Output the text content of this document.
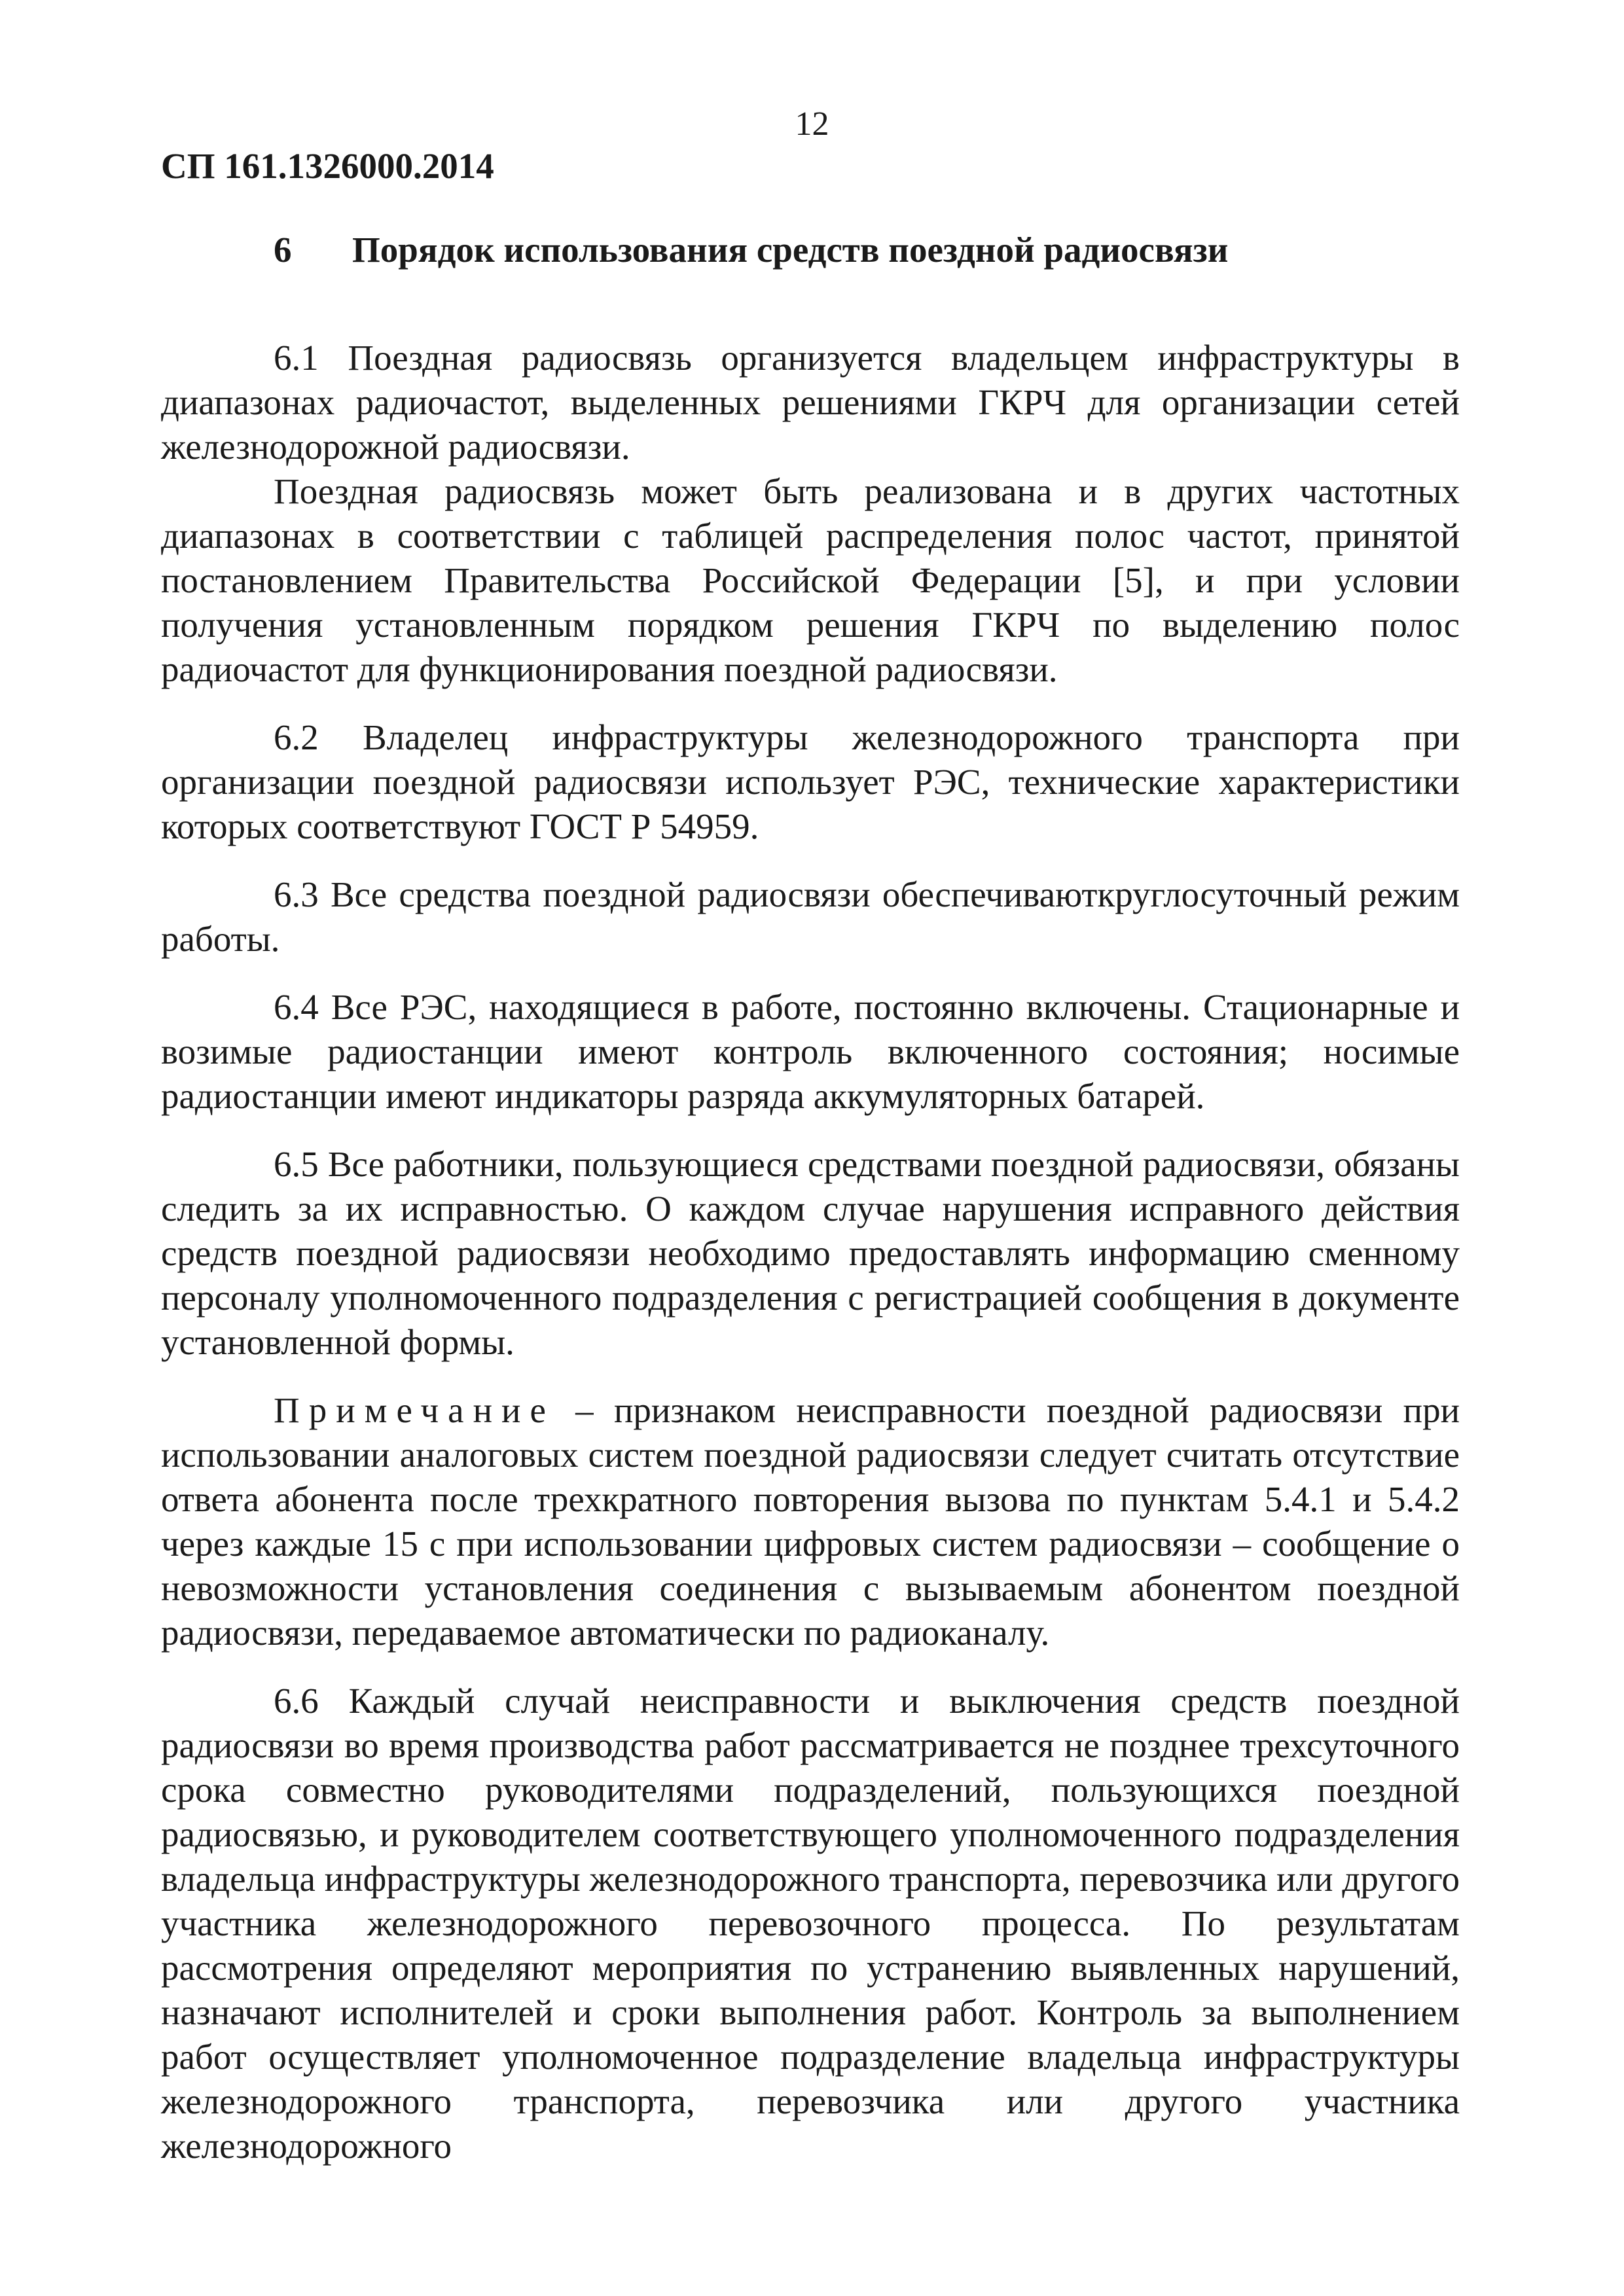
12
СП 161.1326000.2014
6 Порядок использования средств поездной радиосвязи

6.1 Поездная радиосвязь организуется владельцем инфраструктуры в диапазонах радиочастот, выделенных решениями ГКРЧ для организации сетей железнодорожной радиосвязи.

Поездная радиосвязь может быть реализована и в других частотных диапазонах в соответствии с таблицей распределения полос частот, принятой постановлением Правительства Российской Федерации [5], и при условии получения установленным порядком решения ГКРЧ по выделению полос радиочастот для функционирования поездной радиосвязи.

6.2 Владелец инфраструктуры железнодорожного транспорта при организации поездной радиосвязи использует РЭС, технические характеристики которых соответствуют ГОСТ Р 54959.

6.3 Все средства поездной радиосвязи обеспечиваюткруглосуточный режим работы.

6.4 Все РЭС, находящиеся в работе, постоянно включены. Стационарные и возимые радиостанции имеют контроль включенного состояния; носимые радиостанции имеют индикаторы разряда аккумуляторных батарей.

6.5 Все работники, пользующиеся средствами поездной радиосвязи, обязаны следить за их исправностью. О каждом случае нарушения исправного действия средств поездной радиосвязи необходимо предоставлять информацию сменному персоналу уполномоченного подразделения с регистрацией сообщения в документе установленной формы.

Примечание – признаком неисправности поездной радиосвязи при использовании аналоговых систем поездной радиосвязи следует считать отсутствие ответа абонента после трехкратного повторения вызова по пунктам 5.4.1 и 5.4.2 через каждые 15 с при использовании цифровых систем радиосвязи – сообщение о невозможности установления соединения с вызываемым абонентом поездной радиосвязи, передаваемое автоматически по радиоканалу.

6.6 Каждый случай неисправности и выключения средств поездной радиосвязи во время производства работ рассматривается не позднее трехсуточного срока совместно руководителями подразделений, пользующихся поездной радиосвязью, и руководителем соответствующего уполномоченного подразделения владельца инфраструктуры железнодорожного транспорта, перевозчика или другого участника железнодорожного перевозочного процесса. По результатам рассмотрения определяют мероприятия по устранению выявленных нарушений, назначают исполнителей и сроки выполнения работ. Контроль за выполнением работ осуществляет уполномоченное подразделение владельца инфраструктуры железнодорожного транспорта, перевозчика или другого участника железнодорожного
